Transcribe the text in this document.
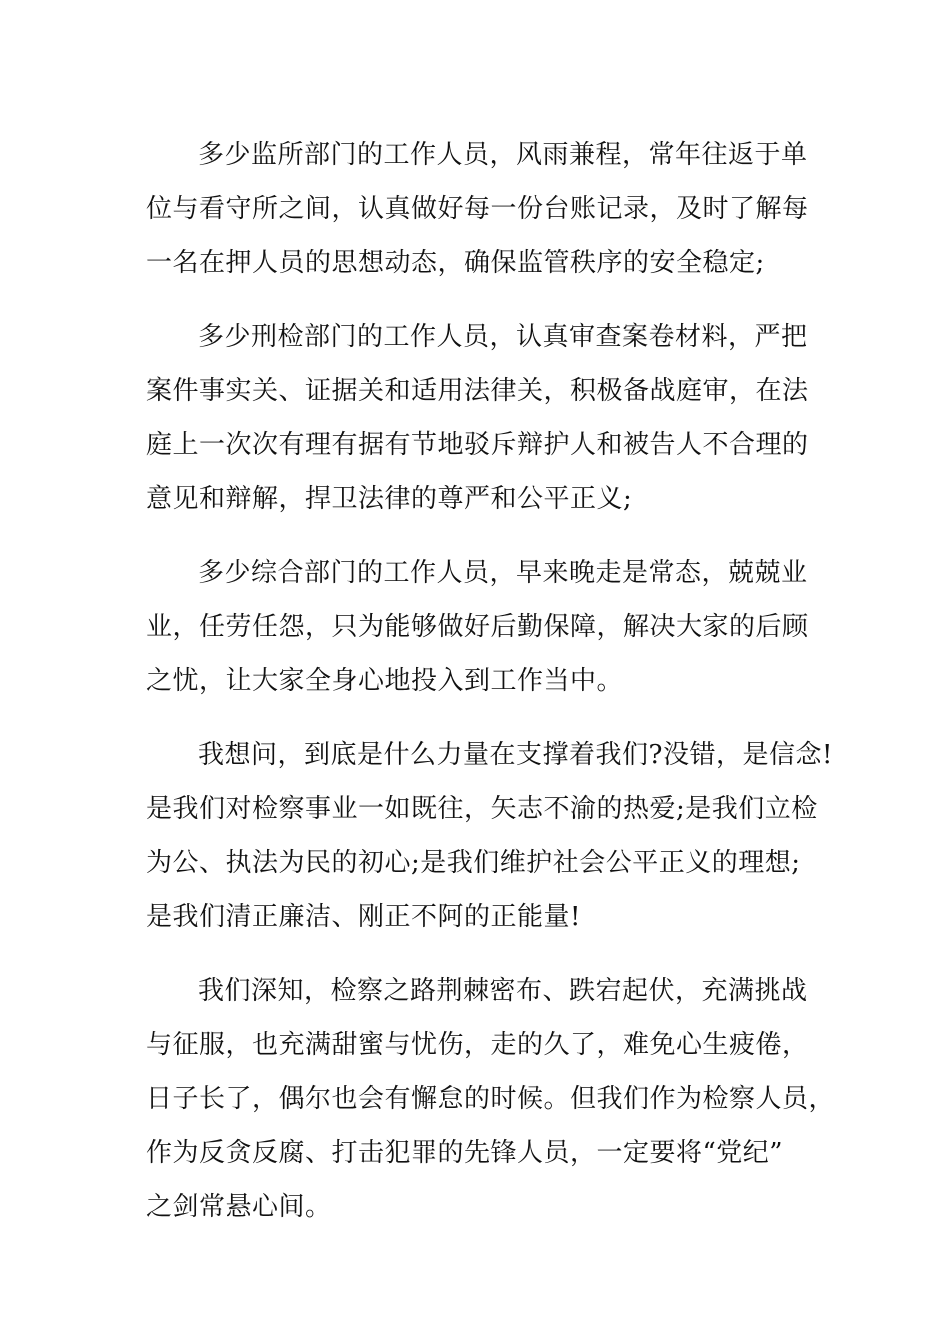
多少监所部门的工作人员，风雨兼程，常年往返于单
位与看守所之间，认真做好每一份台账记录，及时了解每
一名在押人员的思想动态，确保监管秩序的安全稳定;
多少刑检部门的工作人员，认真审查案卷材料，严把
案件事实关、证据关和适用法律关，积极备战庭审，在法
庭上一次次有理有据有节地驳斥辩护人和被告人不合理的
意见和辩解，捍卫法律的尊严和公平正义;
多少综合部门的工作人员，早来晚走是常态，兢兢业
业，任劳任怨，只为能够做好后勤保障，解决大家的后顾
之忧，让大家全身心地投入到工作当中。
我想问，到底是什么力量在支撑着我们?没错，是信念!
是我们对检察事业一如既往，矢志不渝的热爱;是我们立检
为公、执法为民的初心;是我们维护社会公平正义的理想;
是我们清正廉洁、刚正不阿的正能量!
我们深知，检察之路荆棘密布、跌宕起伏，充满挑战
与征服，也充满甜蜜与忧伤，走的久了，难免心生疲倦，
日子长了，偶尔也会有懈怠的时候。但我们作为检察人员，
作为反贪反腐、打击犯罪的先锋人员，一定要将“党纪”
之剑常悬心间。
